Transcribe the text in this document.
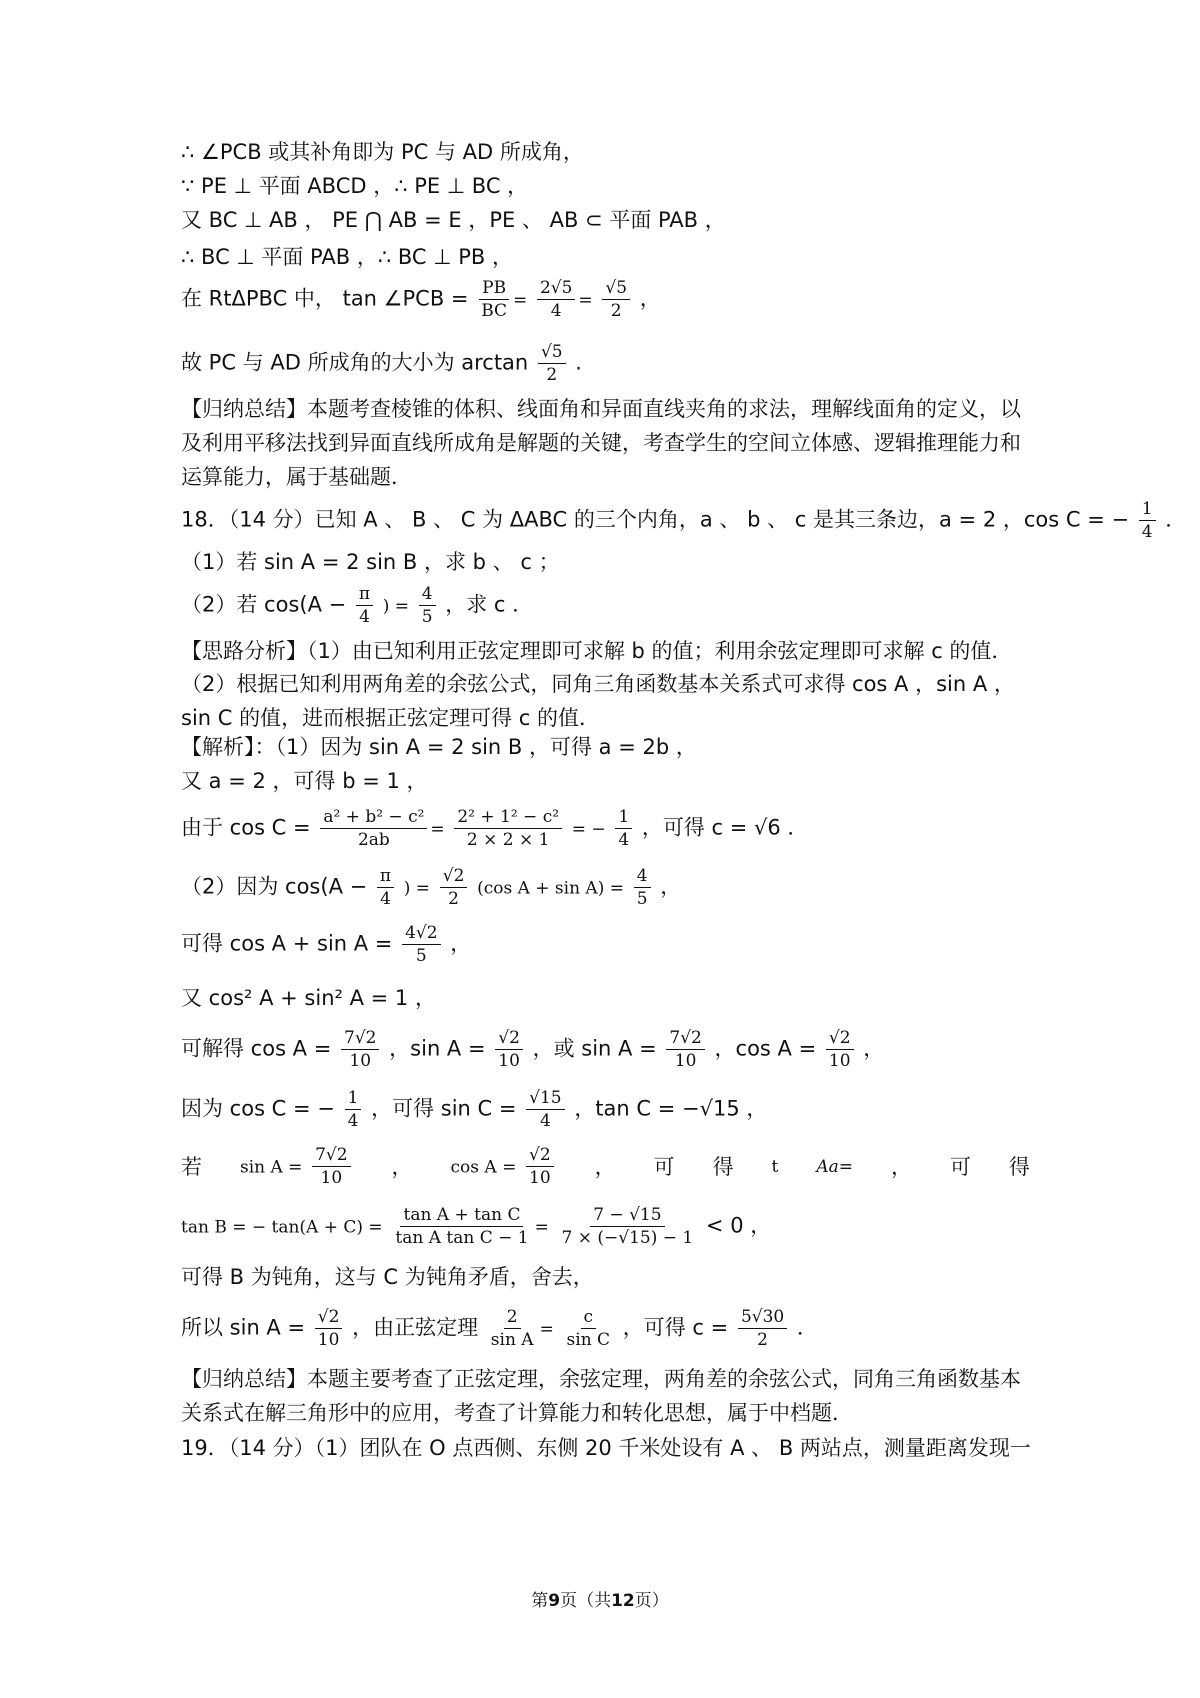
∴ ∠PCB 或其补角即为 PC 与 AD 所成角，
∵ PE ⊥ 平面 ABCD ，∴ PE ⊥ BC ，
又 BC ⊥ AB ， PE ⋂ AB = E ，PE 、 AB ⊂ 平面 PAB ，
∴ BC ⊥ 平面 PAB ，∴ BC ⊥ PB ，
在 RtΔPBC 中， tan ∠PCB = $\frac{PB}{BC} = \frac{2√5}{4} = \frac{√5}{2}$ ，
故 PC 与 AD 所成角的大小为 $\arctan \frac{√5}{2}$ .
【归纳总结】本题考查棱锥的体积、线面角和异面直线夹角的求法，理解线面角的定义，以及利用平移法找到异面直线所成角是解题的关键，考查学生的空间立体感、逻辑推理能力和运算能力，属于基础题．
18．（14 分）已知 A 、 B 、 C 为 ΔABC 的三个内角，a 、 b 、 c 是其三条边，a = 2 ，cos C = − $\frac{1}{4}$ ．
（1）若 sin A = 2 sin B ，求 b 、 c ；
（2）若 $\cos(A - \frac{\pi}{4}$ ) = $\frac{4}{5}$ ，求 c ．
【思路分析】（1）由已知利用正弦定理即可求解 b 的值；利用余弦定理即可求解 c 的值．
（2）根据已知利用两角差的余弦公式，同角三角函数基本关系式可求得 cos A ，sin A ，sin C 的值，进而根据正弦定理可得 c 的值．
【解析】：（1）因为 sin A = 2 sin B ，可得 a = 2b ，
又 a = 2 ，可得 b = 1 ，
由于 $\cos C = \frac{\text{a² + b² − c²}}{2ab} = \frac{\text{2² + 1² − c²}}{2 \times 2 \times 1}$ = − $\frac{1}{4}$ ，可得 c = √6 ．
（2）因为 $\cos(A - \frac{\pi}{4}$ ) = $\frac{√2}{2} (\cos$ $A + \sin A) = \frac{4}{5}$ ，
可得 $\cos A + \sin A = \frac{4√2}{5}$ ，
又 cos² A + sin² A = 1 ，
可解得 $\cos A = \frac{7√2}{10}$ ，$\sin A = \frac{√2}{10}$ ，或 $\sin A = \frac{7√2}{10}$ ，$\cos A = \frac{√2}{10}$ ，
因为 cos C = − $\frac{1}{4}$ ，可得 $\sin C = \frac{√15}{4}$ ，tan C = −√15 ，
若 $\sin A = \frac{7√2}{10}$ ， $\cos A = \frac{√2}{10}$ ， 可 得 t Aa= ， 可 得
tan B = − $\tan(A + C) = \frac{\text{tan A + tan C}}{\text{tan A tan C − 1}} = \frac{7 - √15}{7 \times (-√15) - 1} < 0$ ，
可得 B 为钝角，这与 C 为钝角矛盾，舍去，
所以 $\sin A = \frac{√2}{10}$ ，由正弦定理 $\frac{2}{\text{sin A}} = \frac{c}{\text{sin C}}$ ，可得 $c = \frac{5√30}{2}$ ．
【归纳总结】本题主要考查了正弦定理，余弦定理，两角差的余弦公式，同角三角函数基本关系式在解三角形中的应用，考查了计算能力和转化思想，属于中档题．
19．（14 分）（1）团队在 O 点西侧、东侧 20 千米处设有 A 、 B 两站点，测量距离发现一
第9页（共12页）
